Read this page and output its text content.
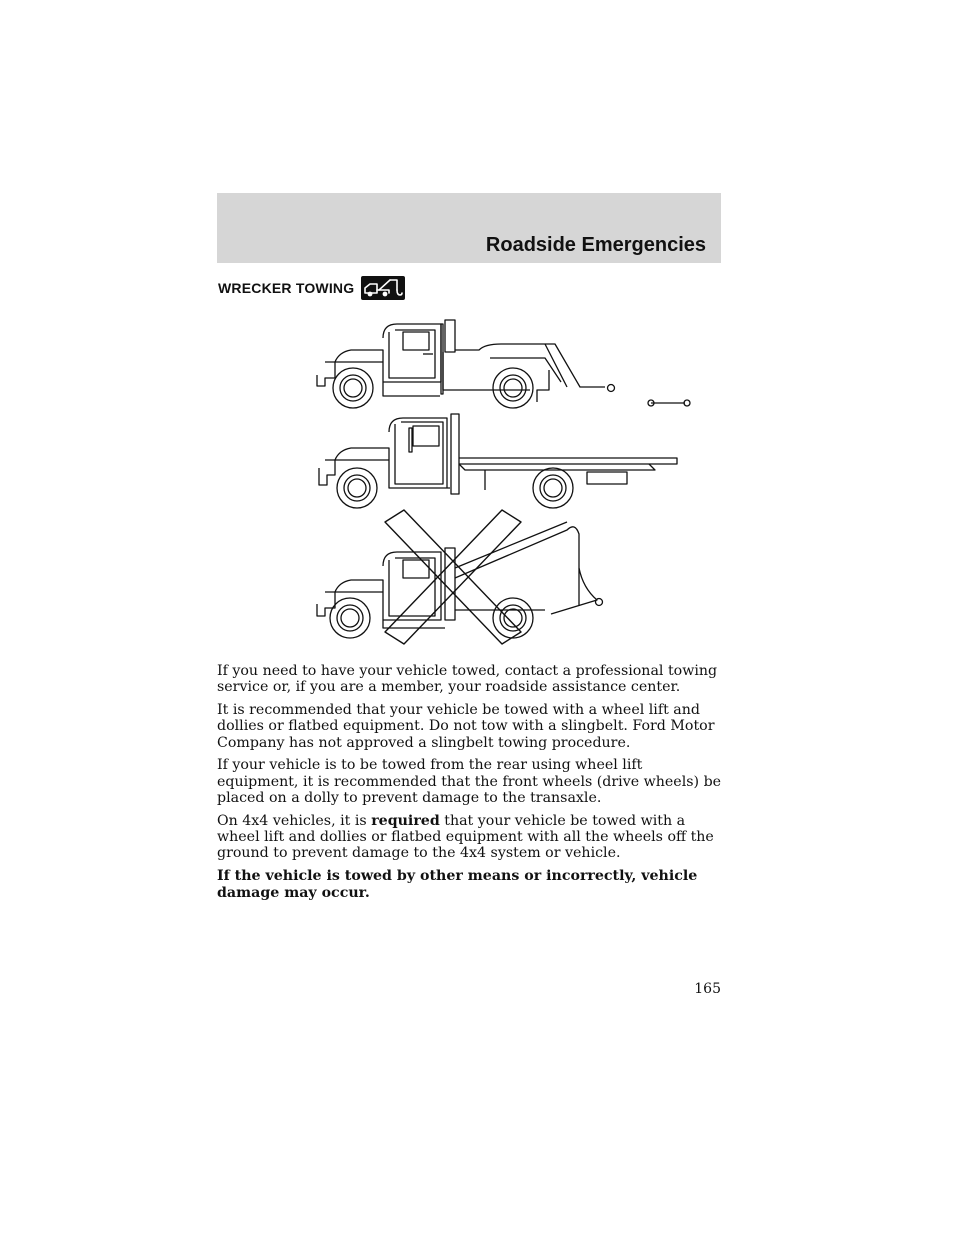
Roadside Emergencies
WRECKER TOWING

If you need to have your vehicle towed, contact a professional towing service or, if you are a member, your roadside assistance center.

It is recommended that your vehicle be towed with a wheel lift and dollies or flatbed equipment. Do not tow with a slingbelt. Ford Motor Company has not approved a slingbelt towing procedure.

If your vehicle is to be towed from the rear using wheel lift equipment, it is recommended that the front wheels (drive wheels) be placed on a dolly to prevent damage to the transaxle.

On 4x4 vehicles, it is required that your vehicle be towed with a wheel lift and dollies or flatbed equipment with all the wheels off the ground to prevent damage to the 4x4 system or vehicle.

If the vehicle is towed by other means or incorrectly, vehicle damage may occur.

165
